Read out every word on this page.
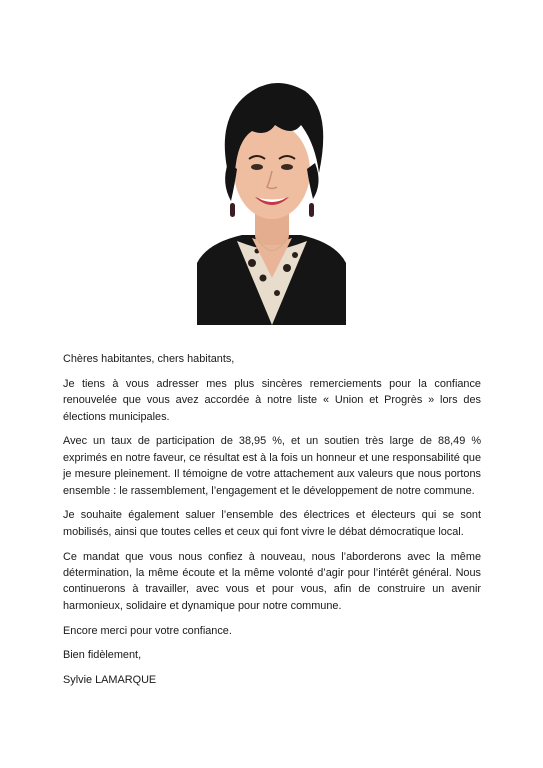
Chères habitantes, chers habitants,

Je tiens à vous adresser mes plus sincères remerciements pour la confiance renouvelée que vous avez accordée à notre liste « Union et Progrès » lors des élections municipales.

Avec un taux de participation de 38,95 %, et un soutien très large de 88,49 % exprimés en notre faveur, ce résultat est à la fois un honneur et une responsabilité que je mesure pleinement. Il témoigne de votre attachement aux valeurs que nous portons ensemble : le rassemblement, l’engagement et le développement de notre commune.

Je souhaite également saluer l’ensemble des électrices et électeurs qui se sont mobilisés, ainsi que toutes celles et ceux qui font vivre le débat démocratique local.

Ce mandat que vous nous confiez à nouveau, nous l’aborderons avec la même détermination, la même écoute et la même volonté d’agir pour l’intérêt général. Nous continuerons à travailler, avec vous et pour vous, afin de construire un avenir harmonieux, solidaire et dynamique pour notre commune.

Encore merci pour votre confiance.

Bien fidèlement,

Sylvie LAMARQUE
